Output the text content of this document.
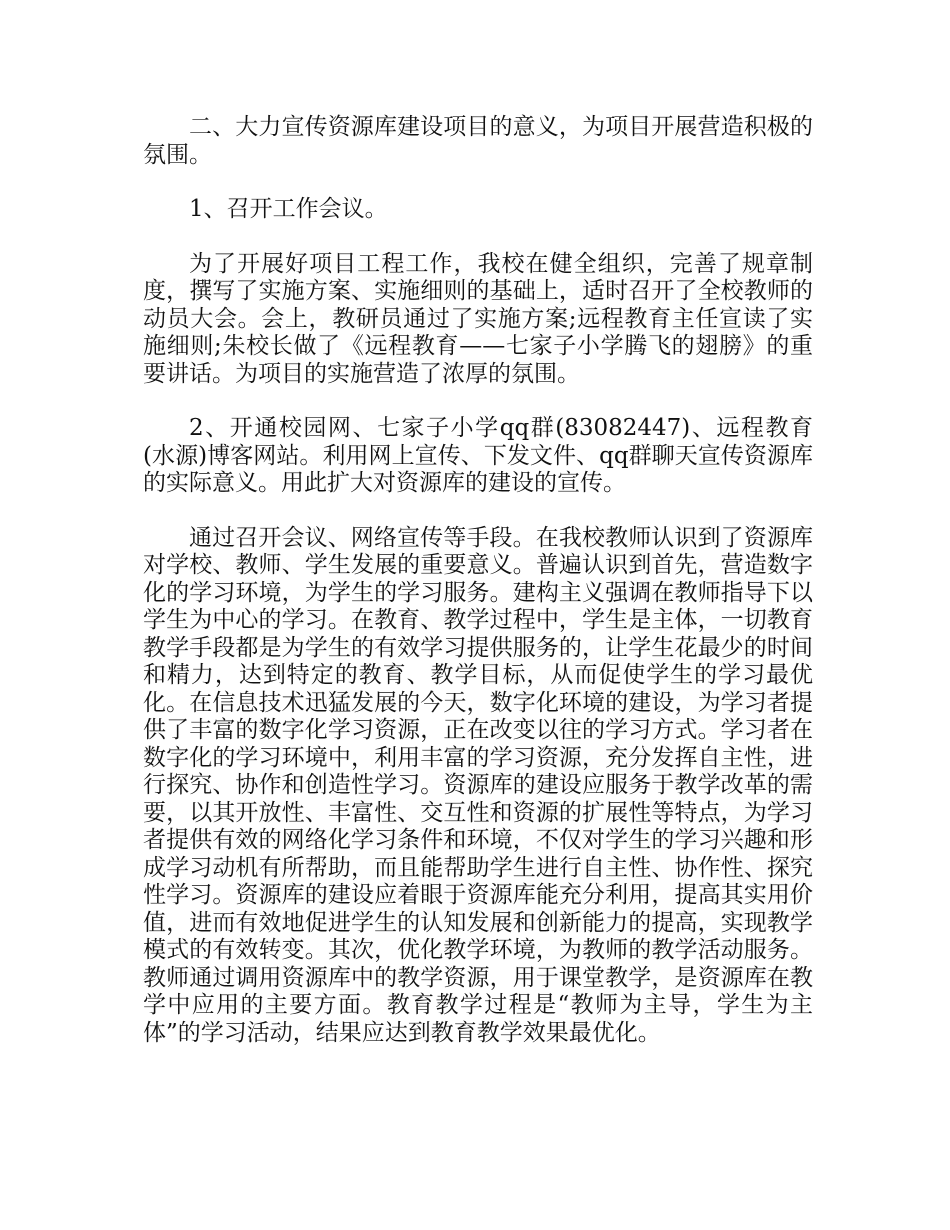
二、大力宣传资源库建设项目的意义，为项目开展营造积极的氛围。

1、召开工作会议。

为了开展好项目工程工作，我校在健全组织，完善了规章制度，撰写了实施方案、实施细则的基础上，适时召开了全校教师的动员大会。会上，教研员通过了实施方案;远程教育主任宣读了实施细则;朱校长做了《远程教育——七家子小学腾飞的翅膀》的重要讲话。为项目的实施营造了浓厚的氛围。

2、开通校园网、七家子小学qq群(83082447)、远程教育(水源)博客网站。利用网上宣传、下发文件、qq群聊天宣传资源库的实际意义。用此扩大对资源库的建设的宣传。

通过召开会议、网络宣传等手段。在我校教师认识到了资源库对学校、教师、学生发展的重要意义。普遍认识到首先，营造数字化的学习环境，为学生的学习服务。建构主义强调在教师指导下以学生为中心的学习。在教育、教学过程中，学生是主体，一切教育教学手段都是为学生的有效学习提供服务的，让学生花最少的时间和精力，达到特定的教育、教学目标，从而促使学生的学习最优化。在信息技术迅猛发展的今天，数字化环境的建设，为学习者提供了丰富的数字化学习资源，正在改变以往的学习方式。学习者在数字化的学习环境中，利用丰富的学习资源，充分发挥自主性，进行探究、协作和创造性学习。资源库的建设应服务于教学改革的需要，以其开放性、丰富性、交互性和资源的扩展性等特点，为学习者提供有效的网络化学习条件和环境，不仅对学生的学习兴趣和形成学习动机有所帮助，而且能帮助学生进行自主性、协作性、探究性学习。资源库的建设应着眼于资源库能充分利用，提高其实用价值，进而有效地促进学生的认知发展和创新能力的提高，实现教学模式的有效转变。其次，优化教学环境，为教师的教学活动服务。教师通过调用资源库中的教学资源，用于课堂教学，是资源库在教学中应用的主要方面。教育教学过程是“教师为主导，学生为主体”的学习活动，结果应达到教育教学效果最优化。
